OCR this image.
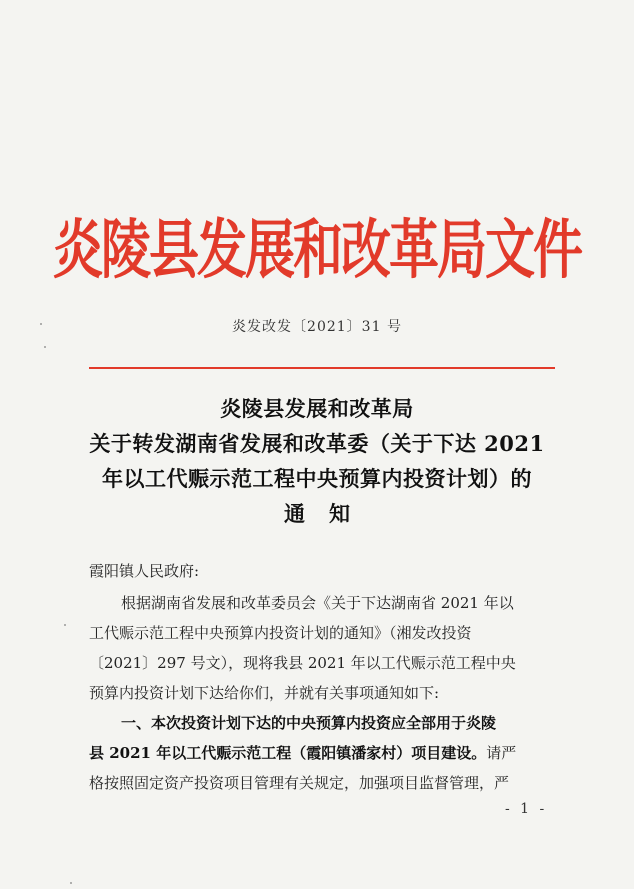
炎陵县发展和改革局文件
炎发改发〔2021〕31 号
炎陵县发展和改革局
关于转发湖南省发展和改革委（关于下达 2021
年以工代赈示范工程中央预算内投资计划）的
通知
霞阳镇人民政府:
根据湖南省发展和改革委员会《关于下达湖南省 2021 年以
工代赈示范工程中央预算内投资计划的通知》（湘发改投资
〔2021〕297 号文），现将我县 2021 年以工代赈示范工程中央
预算内投资计划下达给你们，并就有关事项通知如下:
一、本次投资计划下达的中央预算内投资应全部用于炎陵
县 2021 年以工代赈示范工程（霞阳镇潘家村）项目建设。请严
格按照固定资产投资项目管理有关规定，加强项目监督管理，严
- 1 -
